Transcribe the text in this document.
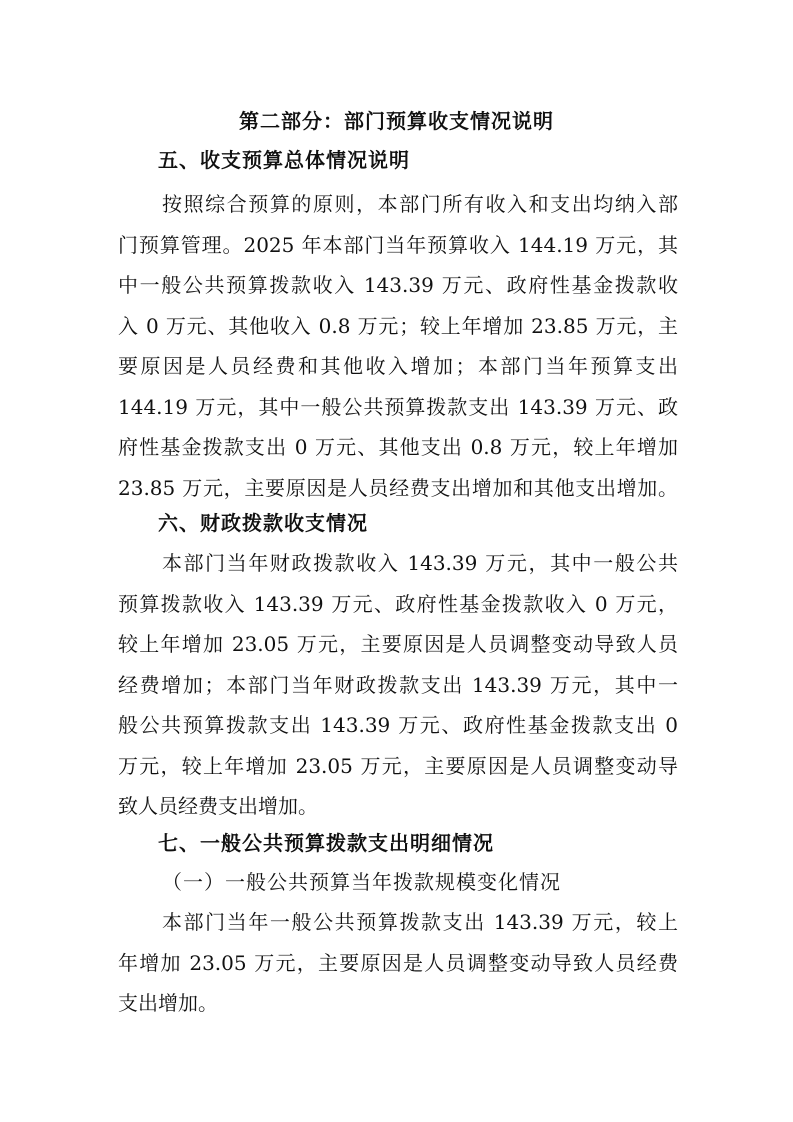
第二部分：部门预算收支情况说明
五、收支预算总体情况说明
按照综合预算的原则，本部门所有收入和支出均纳入部
门预算管理。2025 年本部门当年预算收入 144.19 万元，其
中一般公共预算拨款收入 143.39 万元、政府性基金拨款收
入 0 万元、其他收入 0.8 万元；较上年增加 23.85 万元，主
要原因是人员经费和其他收入增加；本部门当年预算支出
144.19 万元，其中一般公共预算拨款支出 143.39 万元、政
府性基金拨款支出 0 万元、其他支出 0.8 万元，较上年增加
23.85 万元，主要原因是人员经费支出增加和其他支出增加。
六、财政拨款收支情况
本部门当年财政拨款收入 143.39 万元，其中一般公共
预算拨款收入 143.39 万元、政府性基金拨款收入 0 万元，
较上年增加 23.05 万元，主要原因是人员调整变动导致人员
经费增加；本部门当年财政拨款支出 143.39 万元，其中一
般公共预算拨款支出 143.39 万元、政府性基金拨款支出 0
万元，较上年增加 23.05 万元，主要原因是人员调整变动导
致人员经费支出增加。
七、一般公共预算拨款支出明细情况
（一）一般公共预算当年拨款规模变化情况
本部门当年一般公共预算拨款支出 143.39 万元，较上
年增加 23.05 万元，主要原因是人员调整变动导致人员经费
支出增加。
